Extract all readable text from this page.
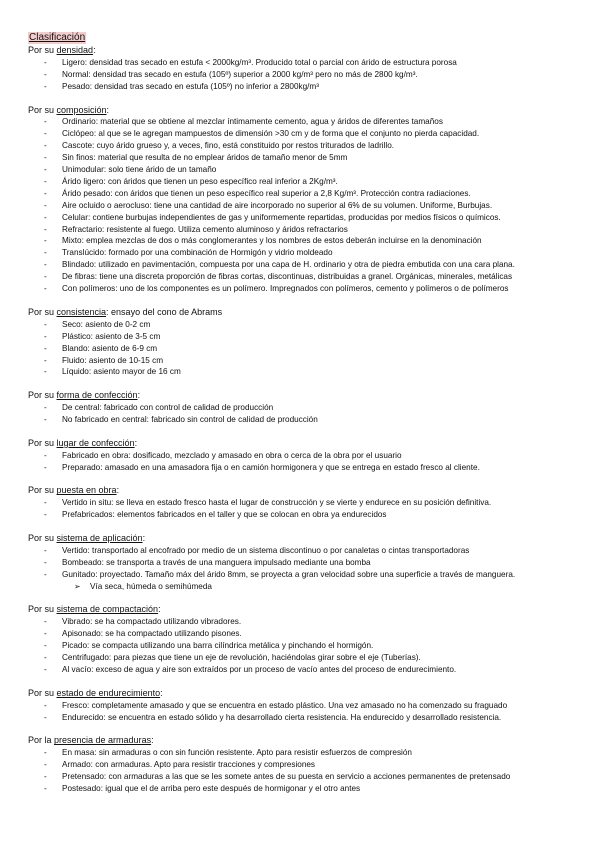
Clasificación
Por su densidad:
- Ligero: densidad tras secado en estufa < 2000kg/m³. Producido total o parcial con árido de estructura porosa
- Normal: densidad tras secado en estufa (105º) superior a 2000 kg/m³ pero no más de 2800 kg/m³.
- Pesado: densidad tras secado en estufa (105º) no inferior a 2800kg/m³
Por su composición:
- Ordinario: material que se obtiene al mezclar íntimamente cemento, agua y áridos de diferentes tamaños
- Ciclópeo: al que se le agregan mampuestos de dimensión >30 cm y de forma que el conjunto no pierda capacidad.
- Cascote: cuyo árido grueso y, a veces, fino, está constituido por restos triturados de ladrillo.
- Sin finos: material que resulta de no emplear áridos de tamaño menor de 5mm
- Unimodular: solo tiene árido de un tamaño
- Árido ligero: con áridos que tienen un peso específico real inferior a 2Kg/m³.
- Árido pesado: con áridos que tienen un peso específico real superior a 2,8 Kg/m³. Protección contra radiaciones.
- Aire ocluido o aerocluso: tiene una cantidad de aire incorporado no superior al 6% de su volumen. Uniforme, Burbujas.
- Celular: contiene burbujas independientes de gas y uniformemente repartidas, producidas por medios físicos o químicos.
- Refractario: resistente al fuego. Utiliza cemento aluminoso y áridos refractarios
- Mixto: emplea mezclas de dos o más conglomerantes y los nombres de estos deberán incluirse en la denominación
- Translúcido: formado por una combinación de Hormigón y vidrio moldeado
- Blindado: utilizado en pavimentación, compuesta por una capa de H. ordinario y otra de piedra embutida con una cara plana.
- De fibras: tiene una discreta proporción de fibras cortas, discontinuas, distribuidas a granel. Orgánicas, minerales, metálicas
- Con polímeros: uno de los componentes es un polímero. Impregnados con polímeros, cemento y polímeros o de polímeros
Por su consistencia: ensayo del cono de Abrams
- Seco: asiento de 0-2 cm
- Plástico: asiento de 3-5 cm
- Blando: asiento de 6-9 cm
- Fluido: asiento de 10-15 cm
- Líquido: asiento mayor de 16 cm
Por su forma de confección:
- De central: fabricado con control de calidad de producción
- No fabricado en central: fabricado sin control de calidad de producción
Por su lugar de confección:
- Fabricado en obra: dosificado, mezclado y amasado en obra o cerca de la obra por el usuario
- Preparado: amasado en una amasadora fija o en camión hormigonera y que se entrega en estado fresco al cliente.
Por su puesta en obra:
- Vertido in situ: se lleva en estado fresco hasta el lugar de construcción y se vierte y endurece en su posición definitiva.
- Prefabricados: elementos fabricados en el taller y que se colocan en obra ya endurecidos
Por su sistema de aplicación:
- Vertido: transportado al encofrado por medio de un sistema discontinuo o por canaletas o cintas transportadoras
- Bombeado: se transporta a través de una manguera impulsado mediante una bomba
- Gunitado: proyectado. Tamaño máx del árido 8mm, se proyecta a gran velocidad sobre una superficie a través de manguera.
➢ Vía seca, húmeda o semihúmeda
Por su sistema de compactación:
- Vibrado: se ha compactado utilizando vibradores.
- Apisonado: se ha compactado utilizando pisones.
- Picado: se compacta utilizando una barra cilíndrica metálica y pinchando el hormigón.
- Centrifugado: para piezas que tiene un eje de revolución, haciéndolas girar sobre el eje (Tuberías).
- Al vacío: exceso de agua y aire son extraídos por un proceso de vacío antes del proceso de endurecimiento.
Por su estado de endurecimiento:
- Fresco: completamente amasado y que se encuentra en estado plástico. Una vez amasado no ha comenzado su fraguado
- Endurecido: se encuentra en estado sólido y ha desarrollado cierta resistencia. Ha endurecido y desarrollado resistencia.
Por la presencia de armaduras:
- En masa: sin armaduras o con sin función resistente. Apto para resistir esfuerzos de compresión
- Armado: con armaduras. Apto para resistir tracciones y compresiones
- Pretensado: con armaduras a las que se les somete antes de su puesta en servicio a acciones permanentes de pretensado
- Postesado: igual que el de arriba pero este después de hormigonar y el otro antes
